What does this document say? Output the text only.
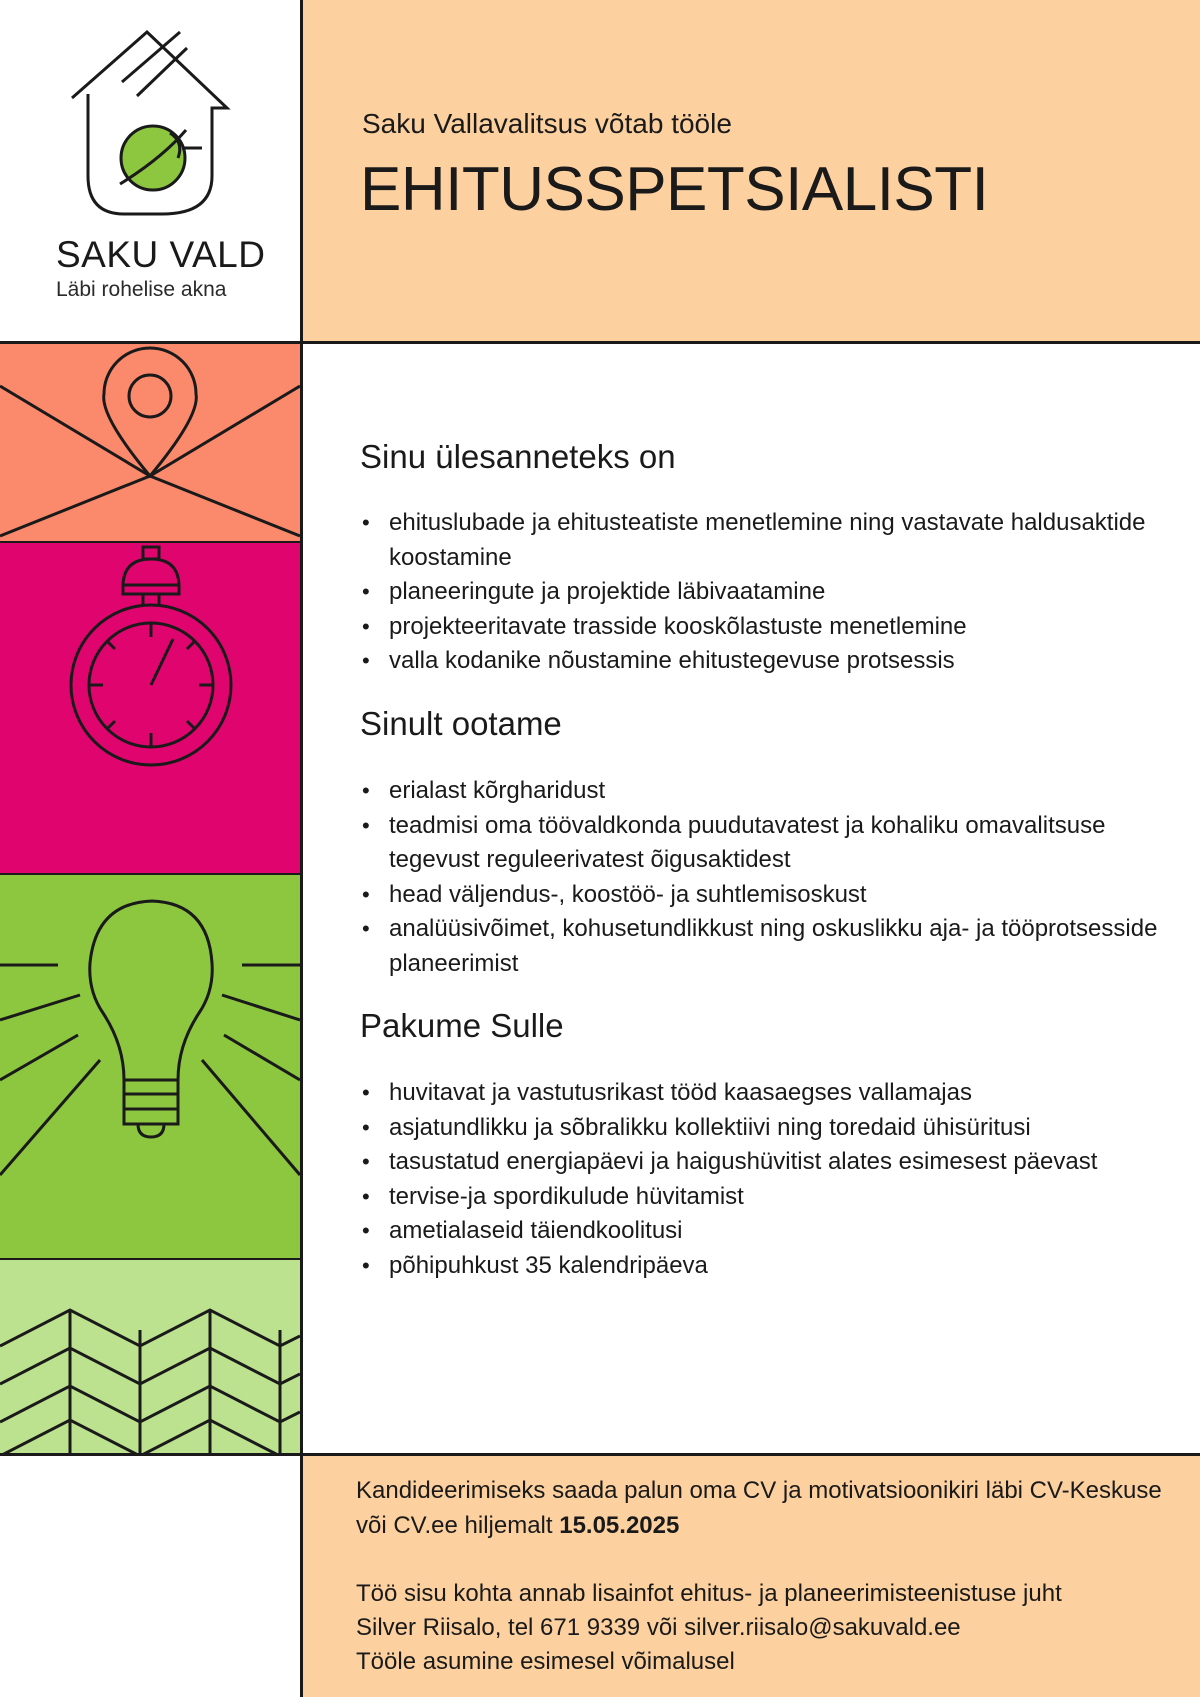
SAKU VALD
Läbi rohelise akna
Saku Vallavalitsus võtab tööle
EHITUSSPETSIALISTI
Sinu ülesanneteks on
• ehituslubade ja ehitusteatiste menetlemine ning vastavate haldusaktide koostamine
• planeeringute ja projektide läbivaatamine
• projekteeritavate trasside kooskõlastuste menetlemine
• valla kodanike nõustamine ehitustegevuse protsessis
Sinult ootame
• erialast kõrgharidust
• teadmisi oma töövaldkonda puudutavatest ja kohaliku omavalitsuse tegevust reguleerivatest õigusaktidest
• head väljendus-, koostöö- ja suhtlemisoskust
• analüüsivõimet, kohusetundlikkust ning oskuslikku aja- ja tööprotsesside planeerimist
Pakume Sulle
• huvitavat ja vastutusrikast tööd kaasaegses vallamajas
• asjatundlikku ja sõbralikku kollektiivi ning toredaid ühisüritusi
• tasustatud energiapäevi ja haigushüvitist alates esimesest päevast
• tervise-ja spordikulude hüvitamist
• ametialaseid täiendkoolitusi
• põhipuhkust 35 kalendripäeva

Kandideerimiseks saada palun oma CV ja motivatsioonikiri läbi CV-Keskuse või CV.ee hiljemalt 15.05.2025

Töö sisu kohta annab lisainfot ehitus- ja planeerimisteenistuse juht

Silver Riisalo, tel 671 9339 või silver.riisalo@sakuvald.ee

Tööle asumine esimesel võimalusel
